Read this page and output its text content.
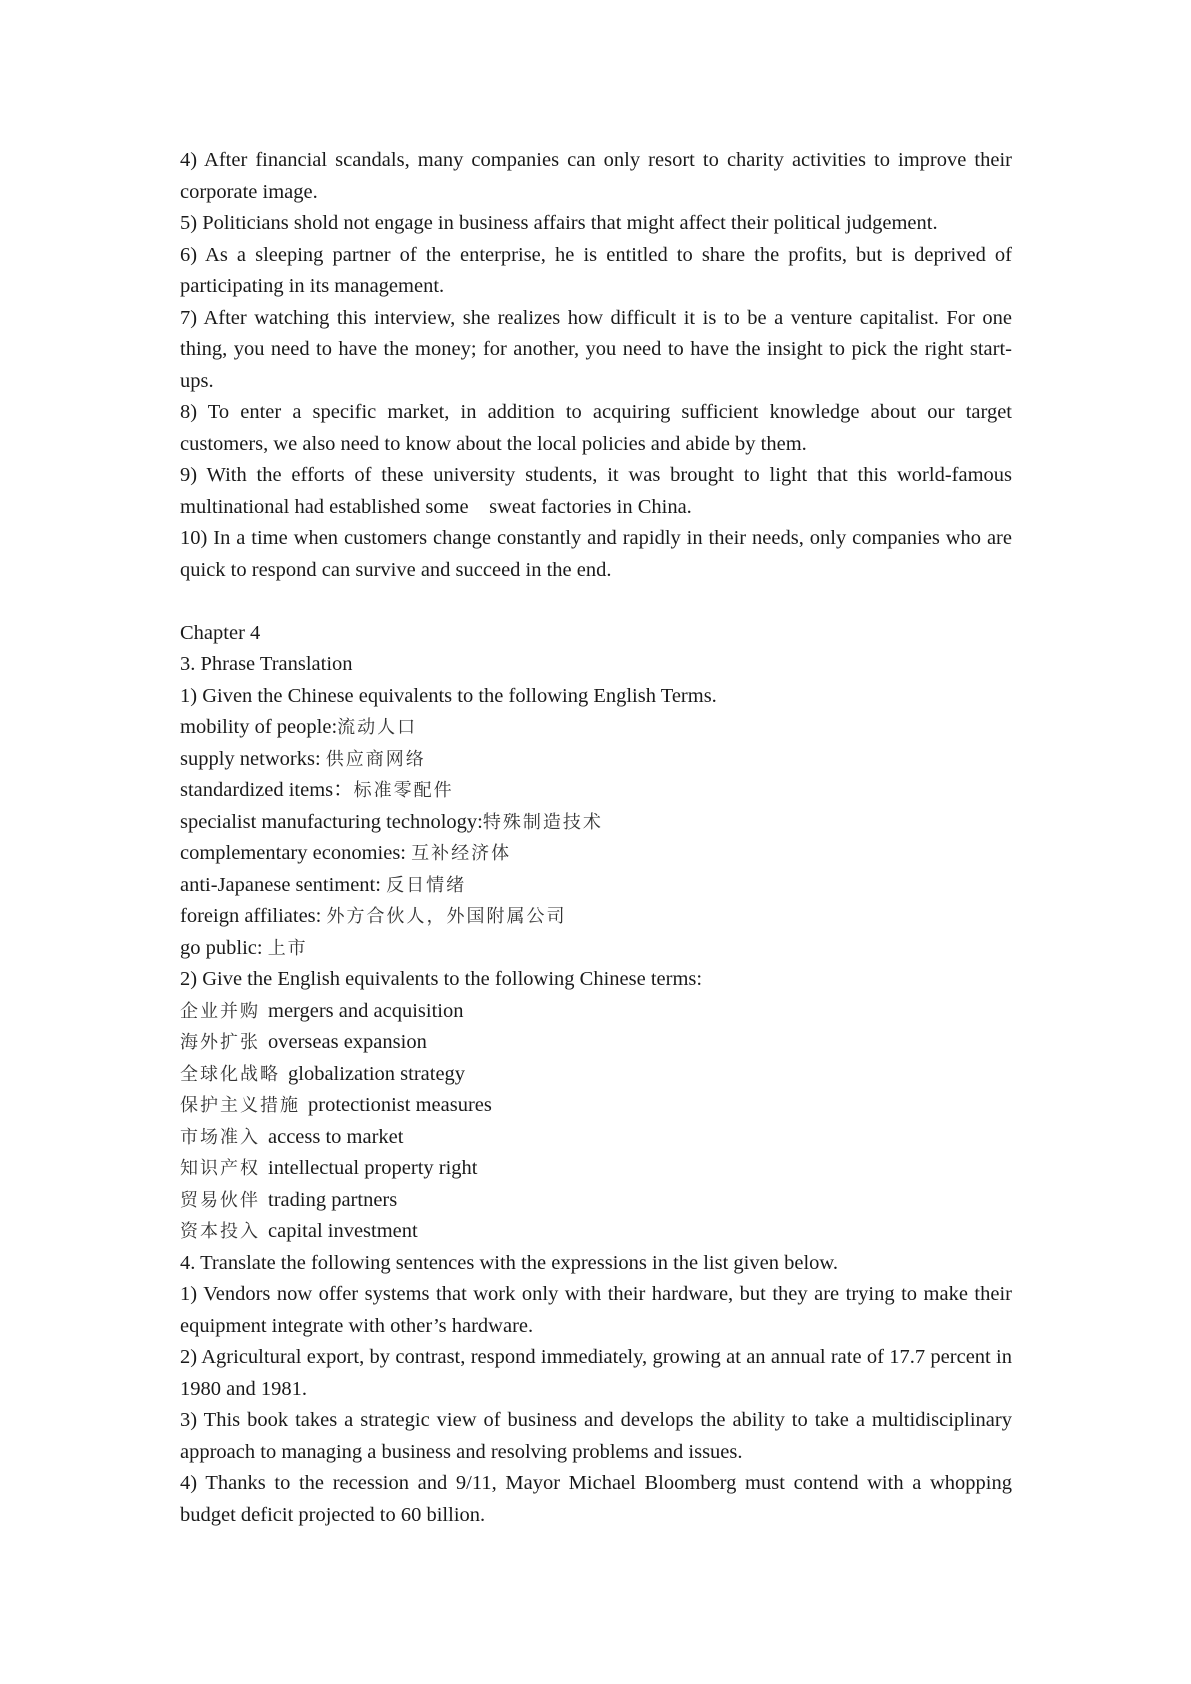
4) After financial scandals, many companies can only resort to charity activities to improve their corporate image.

5) Politicians shold not engage in business affairs that might affect their political judgement.

6) As a sleeping partner of the enterprise, he is entitled to share the profits, but is deprived of participating in its management.

7) After watching this interview, she realizes how difficult it is to be a venture capitalist. For one thing, you need to have the money; for another, you need to have the insight to pick the right start-ups.

8) To enter a specific market, in addition to acquiring sufficient knowledge about our target customers, we also need to know about the local policies and abide by them.

9) With the efforts of these university students, it was brought to light that this world-famous multinational had established some　sweat factories in China.

10) In a time when customers change constantly and rapidly in their needs, only companies who are quick to respond can survive and succeed in the end.

Chapter 4

3. Phrase Translation

1) Given the Chinese equivalents to the following English Terms.

mobility of people:流动人口

supply networks: 供应商网络

standardized items：标准零配件

specialist manufacturing technology:特殊制造技术

complementary economies: 互补经济体

anti-Japanese sentiment: 反日情绪

foreign affiliates: 外方合伙人，外国附属公司

go public: 上市

2) Give the English equivalents to the following Chinese terms:

企业并购 mergers and acquisition

海外扩张 overseas expansion

全球化战略 globalization strategy

保护主义措施 protectionist measures

市场准入 access to market

知识产权 intellectual property right

贸易伙伴 trading partners

资本投入 capital investment

4. Translate the following sentences with the expressions in the list given below.

1) Vendors now offer systems that work only with their hardware, but they are trying to make their equipment integrate with other’s hardware.

2) Agricultural export, by contrast, respond immediately, growing at an annual rate of 17.7 percent in 1980 and 1981.

3) This book takes a strategic view of business and develops the ability to take a multidisciplinary approach to managing a business and resolving problems and issues.

4) Thanks to the recession and 9/11, Mayor Michael Bloomberg must contend with a whopping budget deficit projected to 60 billion.
